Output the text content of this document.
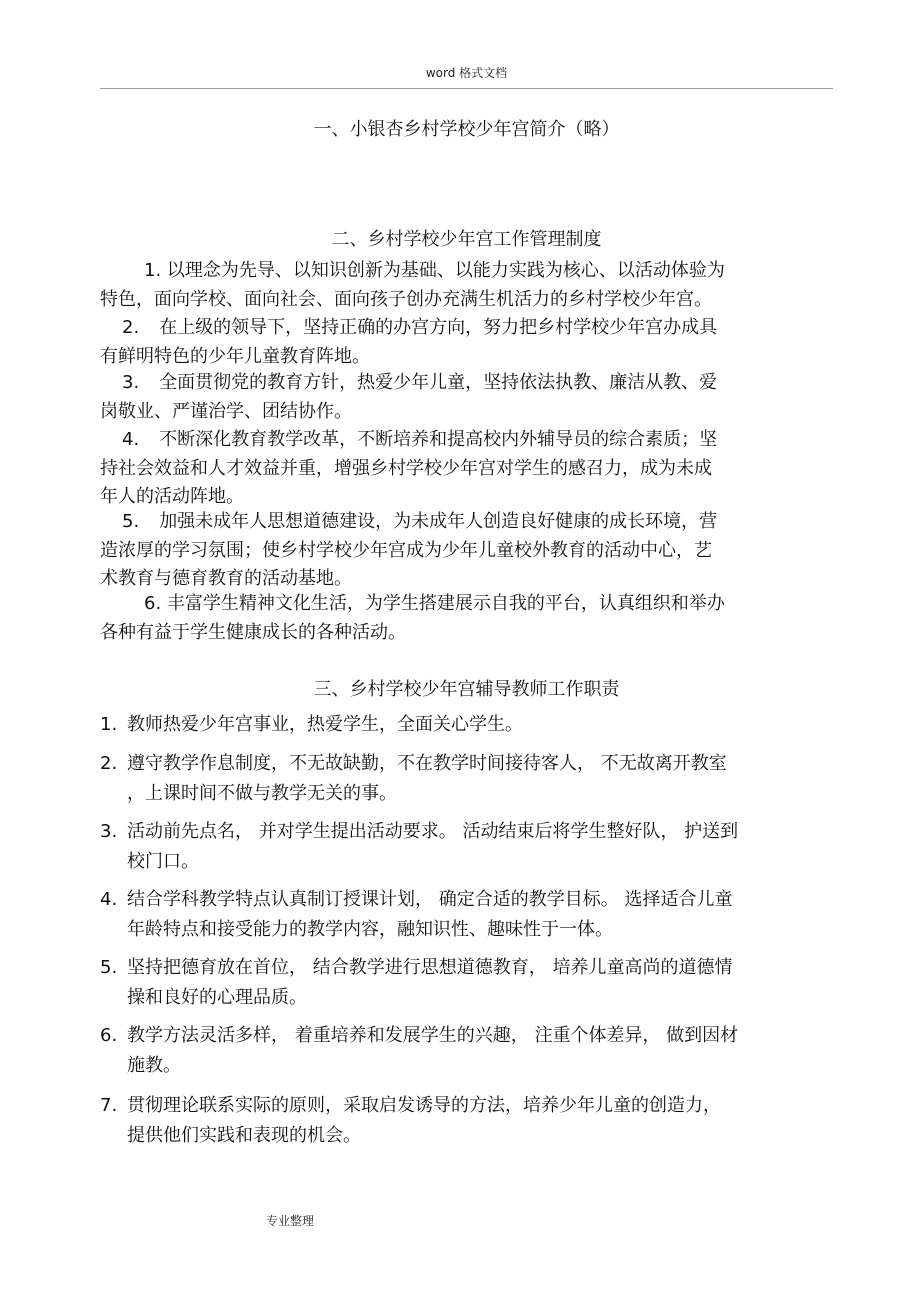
word 格式文档
一、小银杏乡村学校少年宫简介（略）
二、乡村学校少年宫工作管理制度
1. 以理念为先导、以知识创新为基础、以能力实践为核心、以活动体验为
特色，面向学校、面向社会、面向孩子创办充满生机活力的乡村学校少年宫。
2. 在上级的领导下，坚持正确的办宫方向，努力把乡村学校少年宫办成具
有鲜明特色的少年儿童教育阵地。
3. 全面贯彻党的教育方针，热爱少年儿童，坚持依法执教、廉洁从教、爱
岗敬业、严谨治学、团结协作。
4. 不断深化教育教学改革，不断培养和提高校内外辅导员的综合素质；坚
持社会效益和人才效益并重，增强乡村学校少年宫对学生的感召力，成为未成
年人的活动阵地。
5. 加强未成年人思想道德建设，为未成年人创造良好健康的成长环境，营
造浓厚的学习氛围；使乡村学校少年宫成为少年儿童校外教育的活动中心，艺
术教育与德育教育的活动基地。
6. 丰富学生精神文化生活，为学生搭建展示自我的平台，认真组织和举办
各种有益于学生健康成长的各种活动。
三、乡村学校少年宫辅导教师工作职责
1. 教师热爱少年宫事业，热爱学生，全面关心学生。
2. 遵守教学作息制度，不无故缺勤，不在教学时间接待客人， 不无故离开教室
，上课时间不做与教学无关的事。
3. 活动前先点名， 并对学生提出活动要求。 活动结束后将学生整好队， 护送到
校门口。
4. 结合学科教学特点认真制订授课计划， 确定合适的教学目标。 选择适合儿童
年龄特点和接受能力的教学内容，融知识性、趣味性于一体。
5. 坚持把德育放在首位， 结合教学进行思想道德教育， 培养儿童高尚的道德情
操和良好的心理品质。
6. 教学方法灵活多样， 着重培养和发展学生的兴趣， 注重个体差异， 做到因材
施教。
7. 贯彻理论联系实际的原则，采取启发诱导的方法，培养少年儿童的创造力，
提供他们实践和表现的机会。
专业整理
